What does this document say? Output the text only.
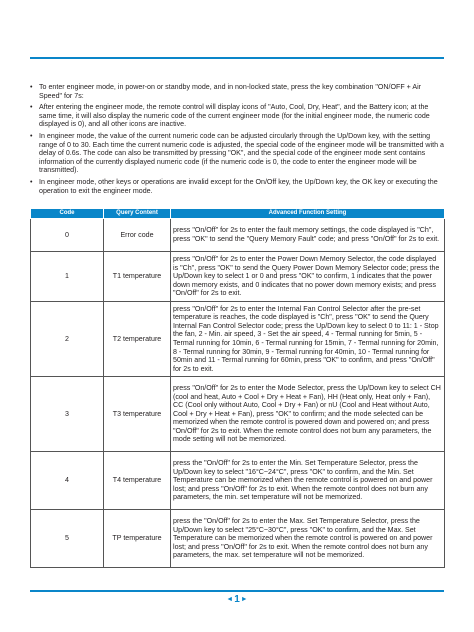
• To enter engineer mode, in power-on or standby mode, and in non-locked state, press the key combination "ON/OFF + Air Speed" for 7s:
• After entering the engineer mode, the remote control will display icons of "Auto, Cool, Dry, Heat", and the Battery icon; at the same time, it will also display the numeric code of the current engineer mode (for the initial engineer mode, the numeric code displayed is 0), and all other icons are inactive.
• In engineer mode, the value of the current numeric code can be adjusted circularly through the Up/Down key, with the setting range of 0 to 30. Each time the current numeric code is adjusted, the special code of the engineer mode will be transmitted with a delay of 0.6s. The code can also be transmitted by pressing "OK", and the special code of the engineer mode sent contains information of the currently displayed numeric code (if the numeric code is 0, the code to enter the engineer mode will be transmitted).
• In engineer mode, other keys or operations are invalid except for the On/Off key, the Up/Down key, the OK key or executing the operation to exit the engineer mode.
Code	Query Content	Advanced Function Setting
0	Error code	press "On/Off" for 2s to enter the fault memory settings, the code displayed is "Ch", press "OK" to send the "Query Memory Fault" code; and press "On/Off" for 2s to exit.
1	T1 temperature	press "On/Off" for 2s to enter the Power Down Memory Selector, the code displayed is "Ch", press "OK" to send the Query Power Down Memory Selector code; press the Up/Down key to select 1 or 0 and press "OK" to confirm, 1 indicates that the power down memory exists, and 0 indicates that no power down memory exists; and press "On/Off" for 2s to exit.
2	T2 temperature	press "On/Off" for 2s to enter the Internal Fan Control Selector after the pre-set temperature is reaches, the code displayed is "Ch", press "OK" to send the Query Internal Fan Control Selector code; press the Up/Down key to select 0 to 11: 1 - Stop the fan, 2 - Min. air speed, 3 - Set the air speed, 4 - Termal running for 5min, 5 - Termal running for 10min, 6 - Termal running for 15min, 7 - Termal running for 20min, 8 - Termal running for 30min, 9 - Termal running for 40min, 10 - Termal running for 50min and 11 - Termal running for 60min, press "OK" to confirm, and press "On/Off" for 2s to exit.
3	T3 temperature	press "On/Off" for 2s to enter the Mode Selector, press the Up/Down key to select CH (cool and heat, Auto + Cool + Dry + Heat + Fan), HH (Heat only, Heat only + Fan), CC (Cool only without Auto, Cool + Dry + Fan) or nU (Cool and Heat without Auto, Cool + Dry + Heat + Fan), press "OK" to confirm; and the mode selected can be memorized when the remote control is powered down and powered on; and press "On/Off" for 2s to exit. When the remote control does not burn any parameters, the mode setting will not be memorized.
4	T4 temperature	press the "On/Off" for 2s to enter the Min. Set Temperature Selector, press the Up/Down key to select "16°C~24°C", press "OK" to confirm, and the Min. Set Temperature can be memorized when the remote control is powered on and power lost; and press "On/Off" for 2s to exit. When the remote control does not burn any parameters, the min. set temperature will not be memorized.
5	TP temperature	press the "On/Off" for 2s to enter the Max. Set Temperature Selector, press the Up/Down key to select "25°C~30°C", press "OK" to confirm, and the Max. Set Temperature can be memorized when the remote control is powered on and power lost; and press "On/Off" for 2s to exit. When the remote control does not burn any parameters, the max. set temperature will not be memorized.
◄ 1 ►
